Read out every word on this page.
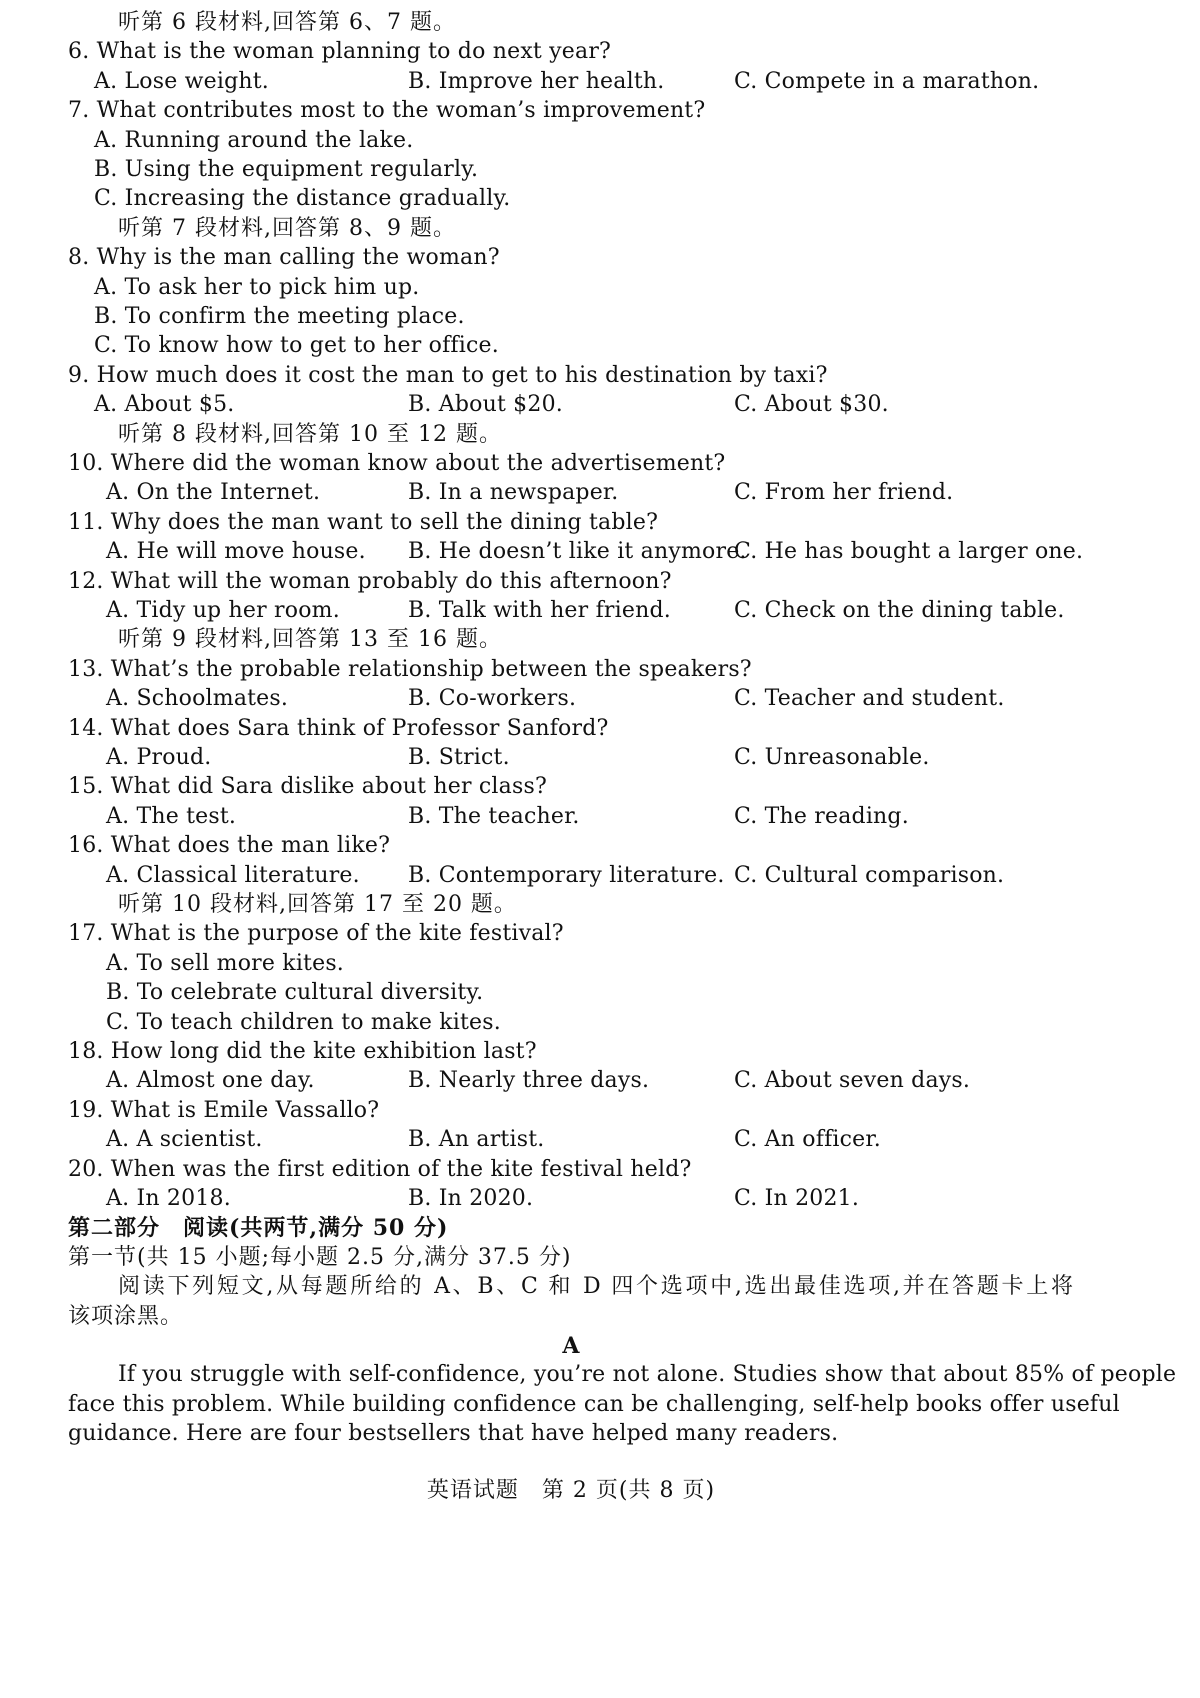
听第 6 段材料,回答第 6、7 题。
6. What is the woman planning to do next year?
A. Lose weight.	B. Improve her health.	C. Compete in a marathon.
7. What contributes most to the woman’s improvement?
A. Running around the lake.
B. Using the equipment regularly.
C. Increasing the distance gradually.
听第 7 段材料,回答第 8、9 题。
8. Why is the man calling the woman?
A. To ask her to pick him up.
B. To confirm the meeting place.
C. To know how to get to her office.
9. How much does it cost the man to get to his destination by taxi?
A. About $5.	B. About $20.	C. About $30.
听第 8 段材料,回答第 10 至 12 题。
10. Where did the woman know about the advertisement?
A. On the Internet.	B. In a newspaper.	C. From her friend.
11. Why does the man want to sell the dining table?
A. He will move house. B. He doesn’t like it anymore.
C. He has bought a larger one.
12. What will the woman probably do this afternoon?
A. Tidy up her room.	B. Talk with her friend.	C. Check on the dining table.
听第 9 段材料,回答第 13 至 16 题。
13. What’s the probable relationship between the speakers?
A. Schoolmates.	B. Co-workers.	C. Teacher and student.
14. What does Sara think of Professor Sanford?
A. Proud.	B. Strict.	C. Unreasonable.
15. What did Sara dislike about her class?
A. The test.	B. The teacher.	C. The reading.
16. What does the man like?
A. Classical literature. B. Contemporary literature. C. Cultural comparison.
听第 10 段材料,回答第 17 至 20 题。
17. What is the purpose of the kite festival?
A. To sell more kites.
B. To celebrate cultural diversity.
C. To teach children to make kites.
18. How long did the kite exhibition last?
A. Almost one day.	B. Nearly three days.	C. About seven days.
19. What is Emile Vassallo?
A. A scientist.	B. An artist.	C. An officer.
20. When was the first edition of the kite festival held?
A. In 2018.	B. In 2020.	C. In 2021.
第二部分　阅读(共两节,满分 50 分)
第一节(共 15 小题;每小题 2.5 分,满分 37.5 分)
阅读下列短文,从每题所给的 A、B、C 和 D 四个选项中,选出最佳选项,并在答题卡上将
该项涂黑。
A
If you struggle with self-confidence, you’re not alone. Studies show that about 85% of people
face this problem. While building confidence can be challenging, self-help books offer useful
guidance. Here are four bestsellers that have helped many readers.
英语试题　第 2 页(共 8 页)
